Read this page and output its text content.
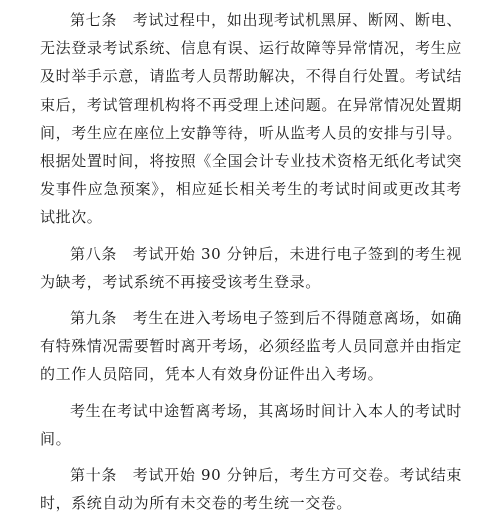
第七条　考试过程中，如出现考试机黑屏、断网、断电、无法登录考试系统、信息有误、运行故障等异常情况，考生应及时举手示意，请监考人员帮助解决，不得自行处置。考试结束后，考试管理机构将不再受理上述问题。在异常情况处置期间，考生应在座位上安静等待，听从监考人员的安排与引导。根据处置时间，将按照《全国会计专业技术资格无纸化考试突发事件应急预案》，相应延长相关考生的考试时间或更改其考试批次。

第八条　考试开始 30 分钟后，未进行电子签到的考生视为缺考，考试系统不再接受该考生登录。

第九条　考生在进入考场电子签到后不得随意离场，如确有特殊情况需要暂时离开考场，必须经监考人员同意并由指定的工作人员陪同，凭本人有效身份证件出入考场。

考生在考试中途暂离考场，其离场时间计入本人的考试时间。

第十条　考试开始 90 分钟后，考生方可交卷。考试结束时，系统自动为所有未交卷的考生统一交卷。
